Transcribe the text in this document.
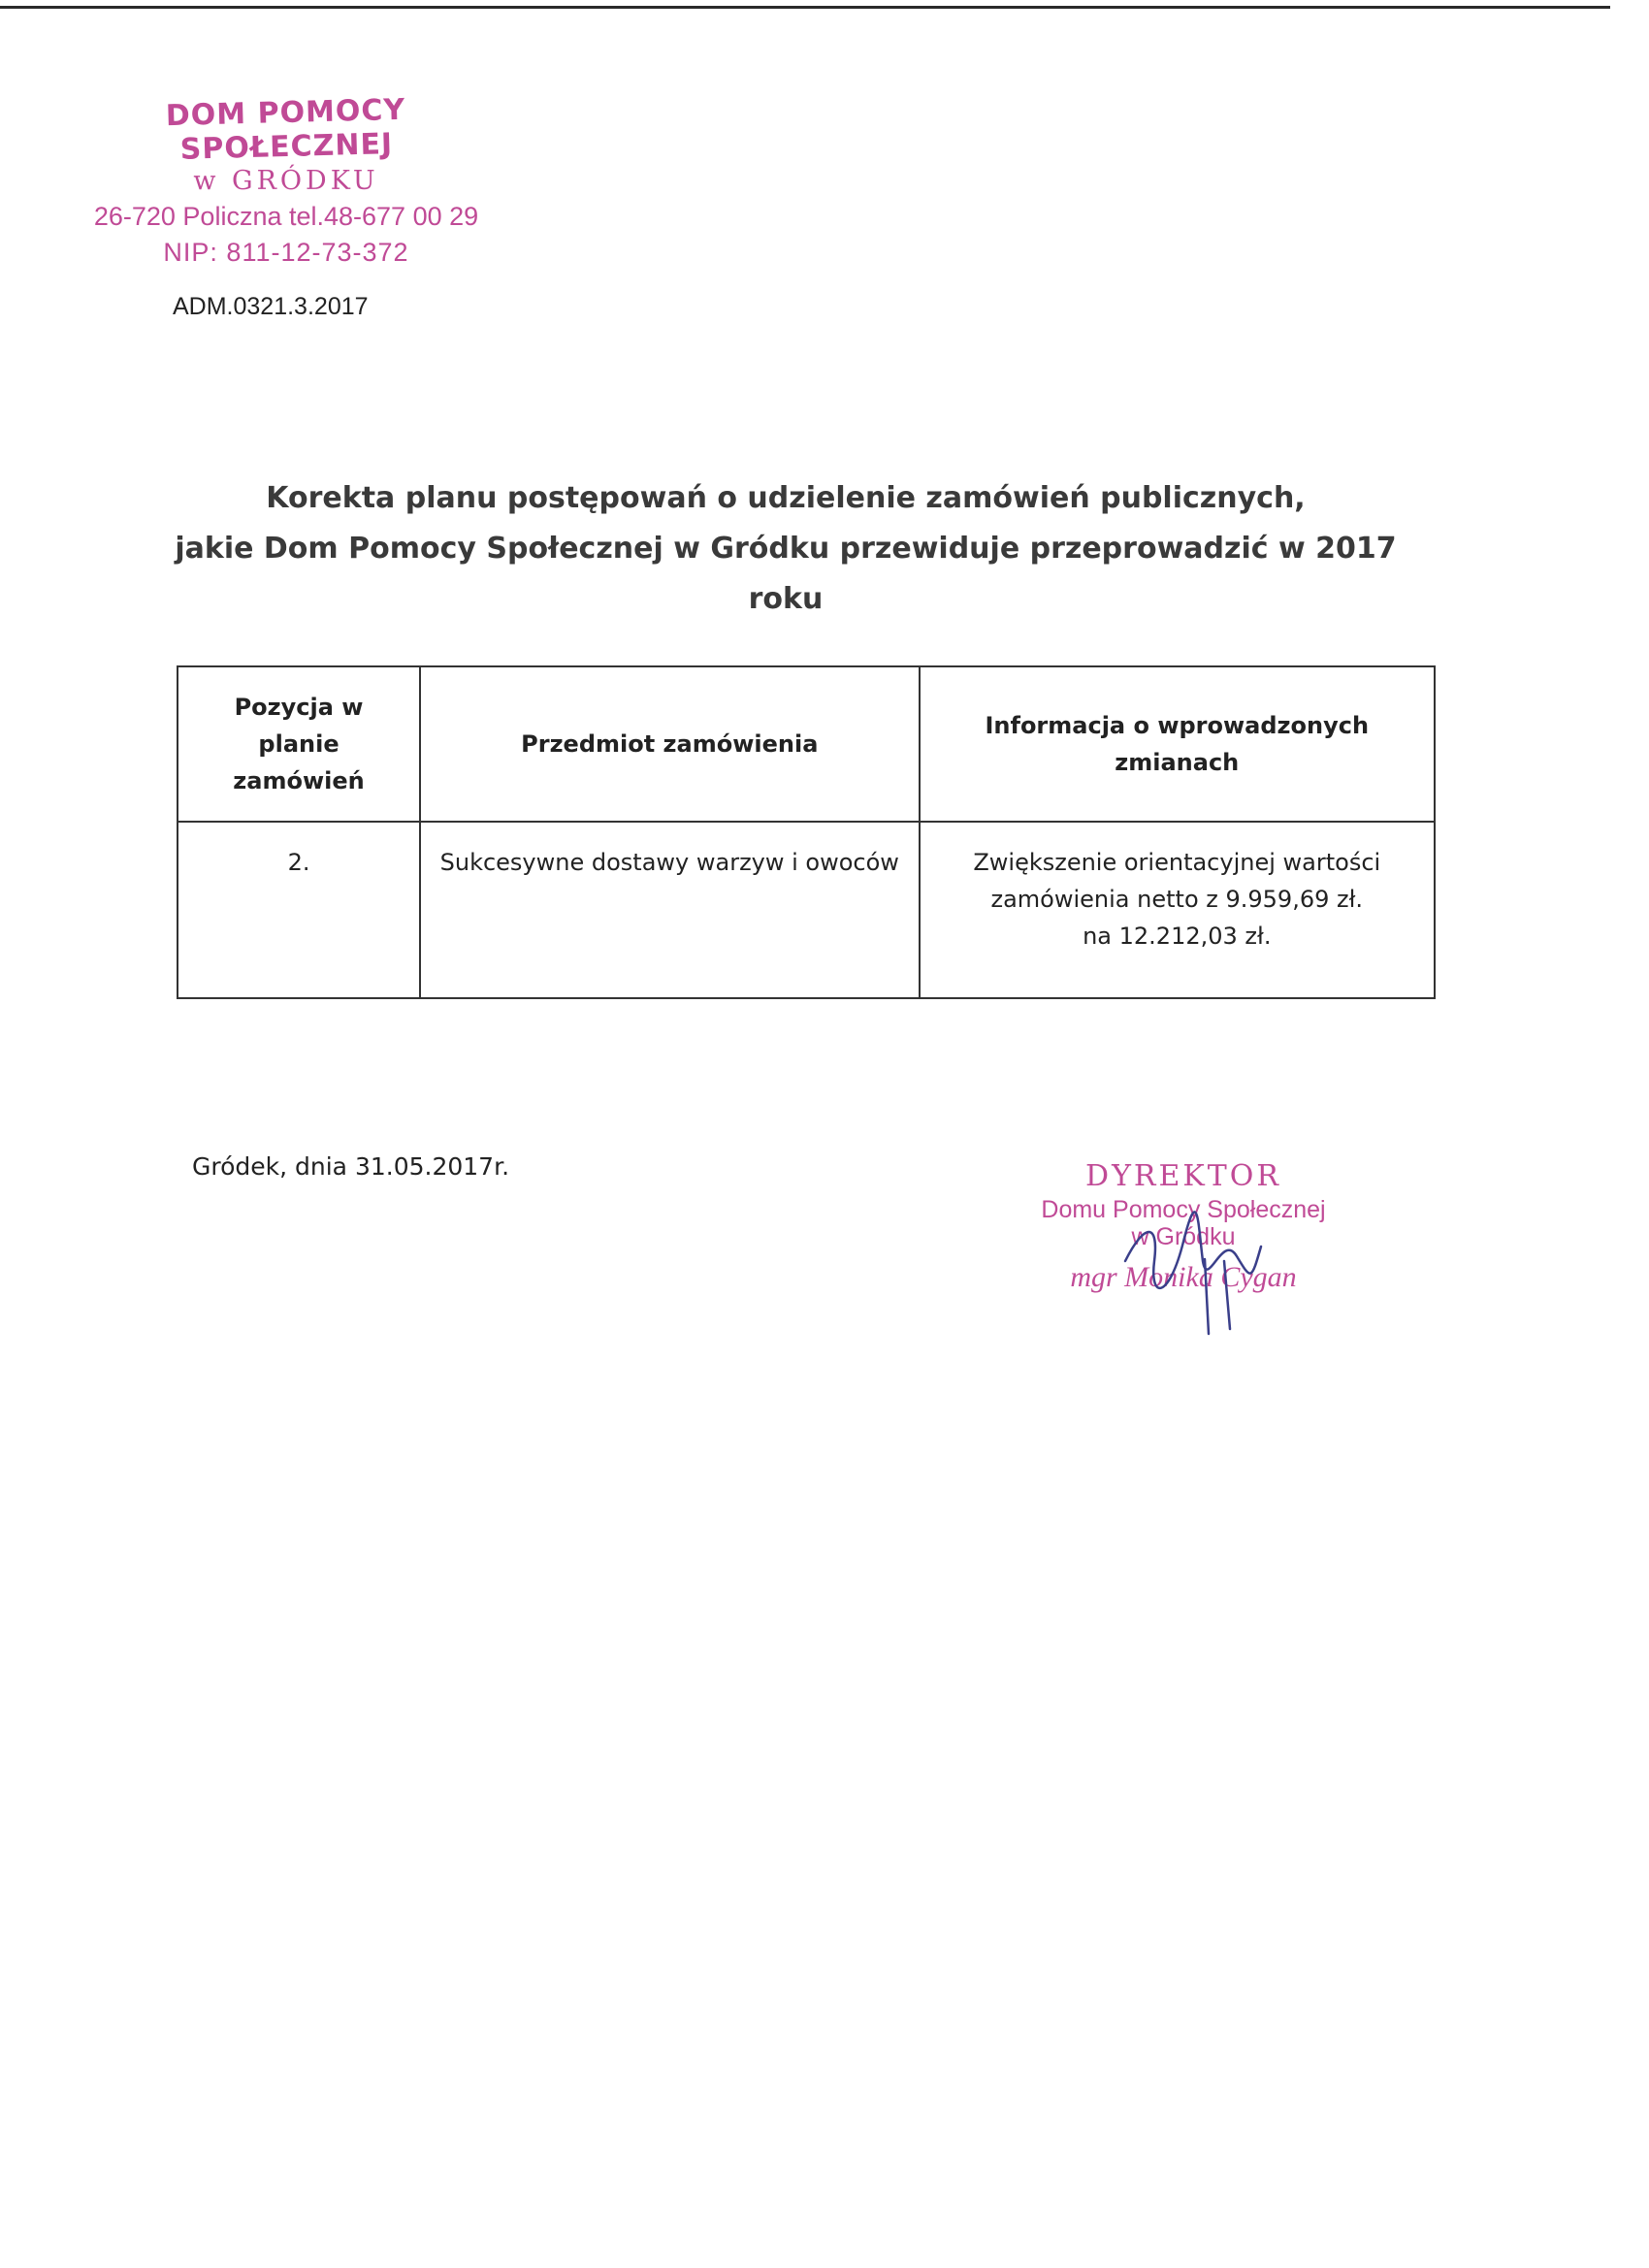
DOM POMOCY SPOŁECZNEJ
w GRÓDKU
26-720 Policzna tel.48-677 00 29
NIP: 811-12-73-372
ADM.0321.3.2017
Korekta planu postępowań o udzielenie zamówień publicznych,
jakie Dom Pomocy Społecznej w Gródku przewiduje przeprowadzić w 2017 roku
Pozycja w planie zamówień	Przedmiot zamówienia	Informacja o wprowadzonych zmianach
2.	Sukcesywne dostawy warzyw i owoców	Zwiększenie orientacyjnej wartości
zamówienia netto z 9.959,69 zł.
na 12.212,03 zł.
Gródek, dnia 31.05.2017r.	DYREKTOR
Domu Pomocy Społecznej
w Gródku
mgr Monika Cygan
